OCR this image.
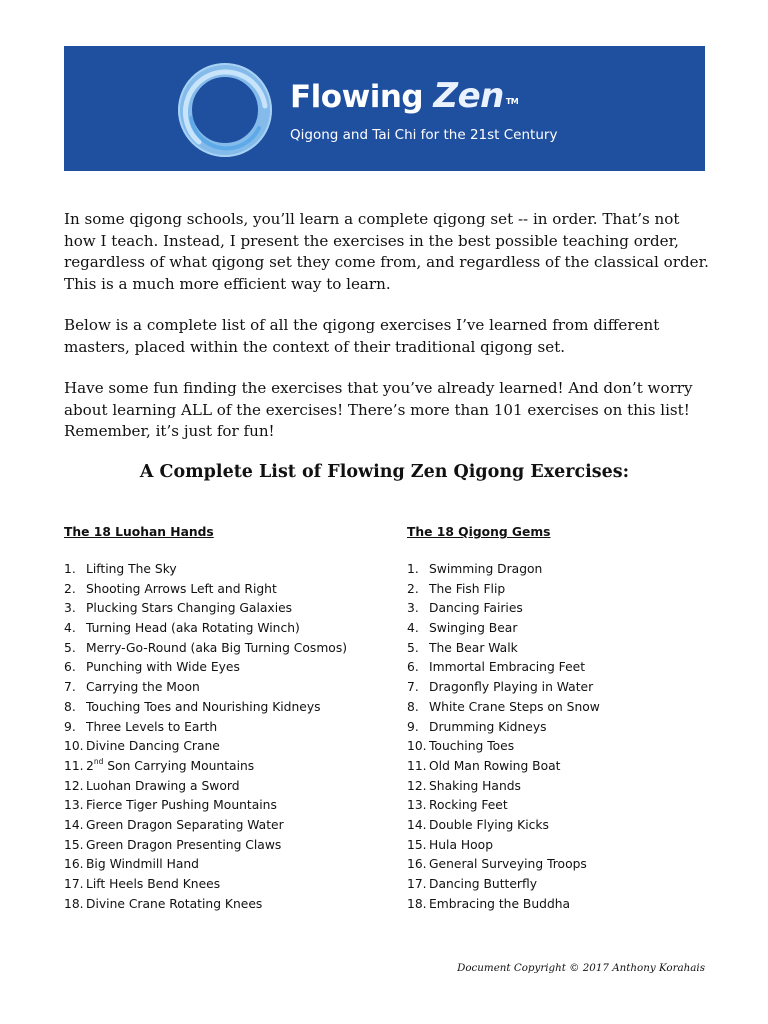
Flowing Zen ™
Qigong and Tai Chi for the 21st Century

In some qigong schools, you’ll learn a complete qigong set -- in order. That’s not how I teach. Instead, I present the exercises in the best possible teaching order, regardless of what qigong set they come from, and regardless of the classical order. This is a much more efficient way to learn.

Below is a complete list of all the qigong exercises I’ve learned from different masters, placed within the context of their traditional qigong set.

Have some fun finding the exercises that you’ve already learned! And don’t worry about learning ALL of the exercises! There’s more than 101 exercises on this list! Remember, it’s just for fun!

A Complete List of Flowing Zen Qigong Exercises:
The 18 Luohan Hands
1. Lifting The Sky
2. Shooting Arrows Left and Right
3. Plucking Stars Changing Galaxies
4. Turning Head (aka Rotating Winch)
5. Merry-Go-Round (aka Big Turning Cosmos)
6. Punching with Wide Eyes
7. Carrying the Moon
8. Touching Toes and Nourishing Kidneys
9. Three Levels to Earth
10. Divine Dancing Crane
11. 2nd Son Carrying Mountains
12. Luohan Drawing a Sword
13. Fierce Tiger Pushing Mountains
14. Green Dragon Separating Water
15. Green Dragon Presenting Claws
16. Big Windmill Hand
17. Lift Heels Bend Knees
18. Divine Crane Rotating Knees
The 18 Qigong Gems
1. Swimming Dragon
2. The Fish Flip
3. Dancing Fairies
4. Swinging Bear
5. The Bear Walk
6. Immortal Embracing Feet
7. Dragonfly Playing in Water
8. White Crane Steps on Snow
9. Drumming Kidneys
10. Touching Toes
11. Old Man Rowing Boat
12. Shaking Hands
13. Rocking Feet
14. Double Flying Kicks
15. Hula Hoop
16. General Surveying Troops
17. Dancing Butterfly
18. Embracing the Buddha
Document Copyright © 2017 Anthony Korahais
